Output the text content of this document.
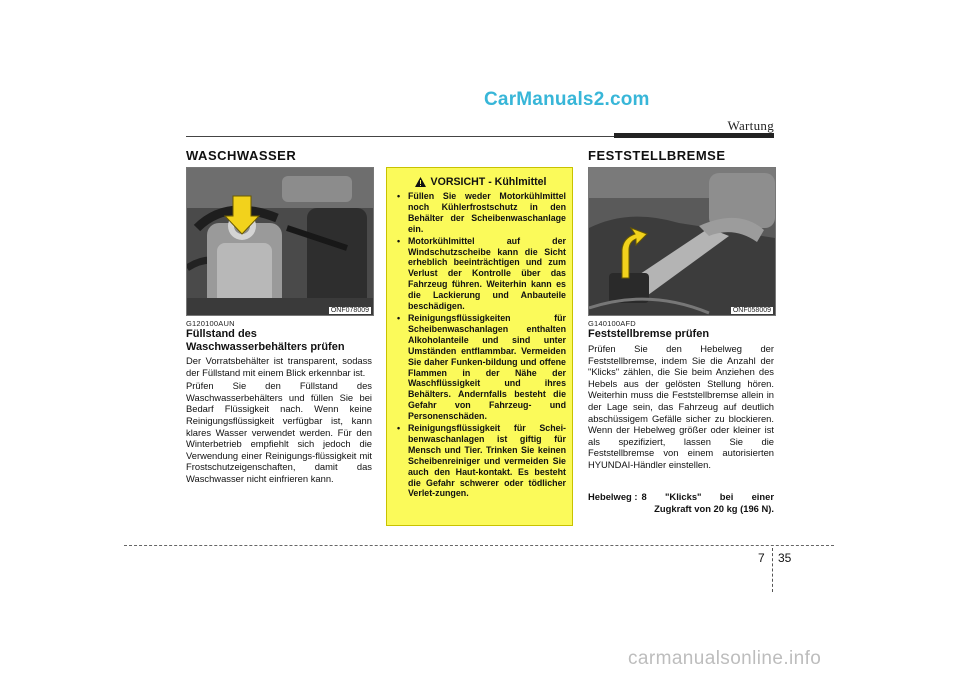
CarManuals2.com
Wartung
WASCHWASSER
ONF078009
G120100AUN
Füllstand des Waschwasserbehälters prüfen

Der Vorratsbehälter ist transparent, sodass der Füllstand mit einem Blick erkennbar ist.

Prüfen Sie den Füllstand des Waschwasserbehälters und füllen Sie bei Bedarf Flüssigkeit nach. Wenn keine Reinigungsflüssigkeit verfügbar ist, kann klares Wasser verwendet werden. Für den Winterbetrieb empfiehlt sich jedoch die Verwendung einer Reinigungs-flüssigkeit mit Frostschutzeigenschaften, damit das Waschwasser nicht einfrieren kann.

VORSICHT - Kühlmittel
• Füllen Sie weder Motorkühlmittel noch Kühlerfrostschutz in den Behälter der Scheibenwaschanlage ein.
• Motorkühlmittel auf der Windschutzscheibe kann die Sicht erheblich beeinträchtigen und zum Verlust der Kontrolle über das Fahrzeug führen. Weiterhin kann es die Lackierung und Anbauteile beschädigen.
• Reinigungsflüssigkeiten für Scheibenwaschanlagen enthalten Alkoholanteile und sind unter Umständen entflammbar. Vermeiden Sie daher Funken-bildung und offene Flammen in der Nähe der Waschflüssigkeit und ihres Behälters. Andernfalls besteht die Gefahr von Fahrzeug- und Personenschäden.
• Reinigungsflüssigkeit für Schei-benwaschanlagen ist giftig für Mensch und Tier. Trinken Sie keinen Scheibenreiniger und vermeiden Sie auch den Haut-kontakt. Es besteht die Gefahr schwerer oder tödlicher Verlet-zungen.
FESTSTELLBREMSE
ONF058009
G140100AFD
Feststellbremse prüfen

Prüfen Sie den Hebelweg der Feststellbremse, indem Sie die Anzahl der "Klicks" zählen, die Sie beim Anziehen des Hebels aus der gelösten Stellung hören. Weiterhin muss die Feststellbremse allein in der Lage sein, das Fahrzeug auf deutlich abschüssigem Gefälle sicher zu blockieren. Wenn der Hebelweg größer oder kleiner ist als spezifiziert, lassen Sie die Feststellbremse von einem autorisierten HYUNDAI-Händler einstellen.

Hebelweg : 8 "Klicks" bei einer
Zugkraft von 20 kg (196 N).
7 35
carmanualsonline.info
